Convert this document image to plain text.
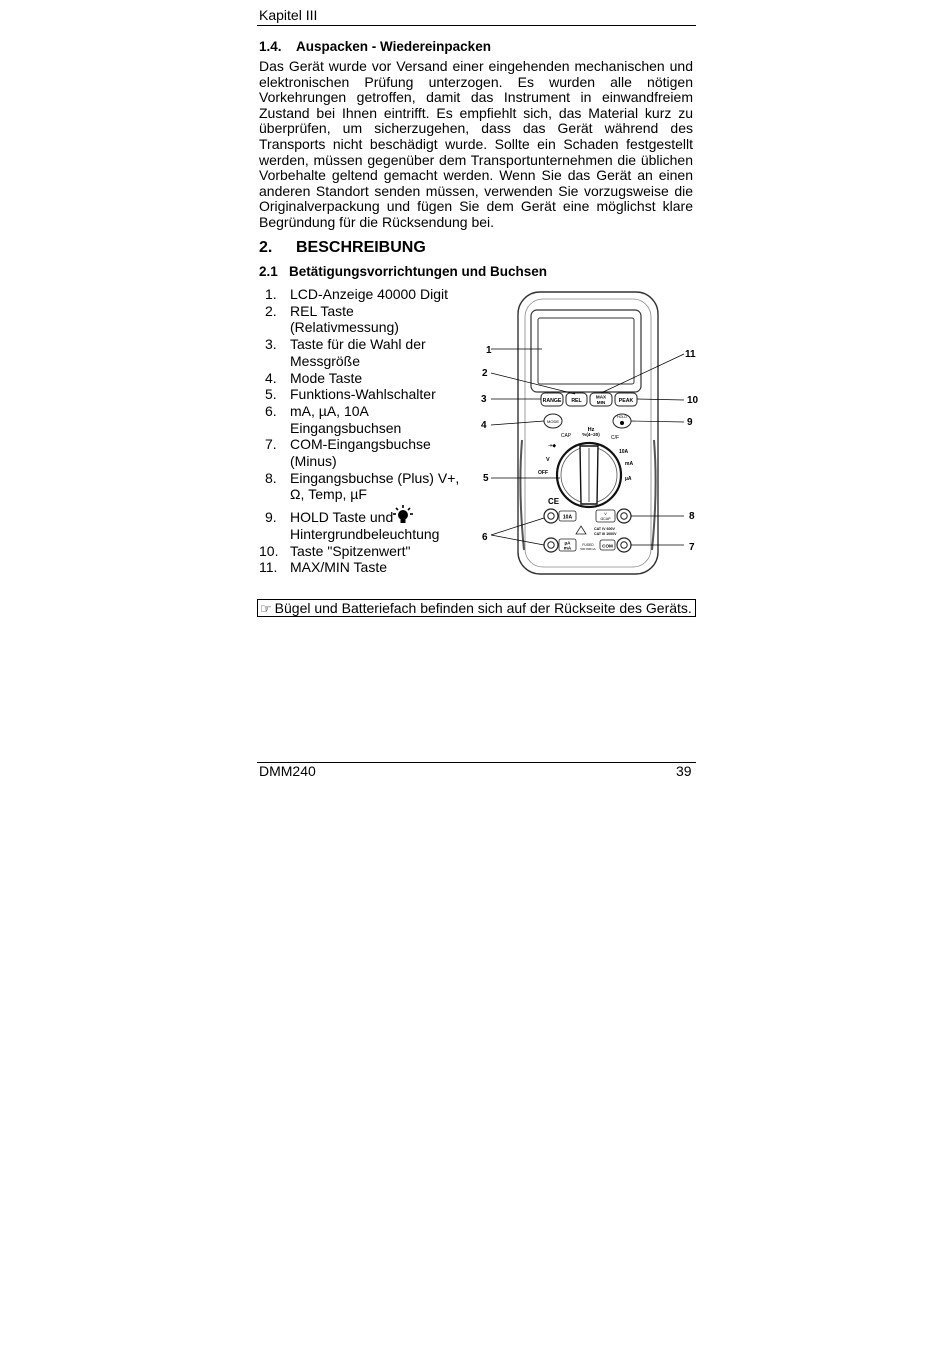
Kapitel III
1.4. Auspacken - Wiedereinpacken
Das Gerät wurde vor Versand einer eingehenden mechanischen und elektronischen Prüfung unterzogen. Es wurden alle nötigen Vorkehrungen getroffen, damit das Instrument in einwandfreiem Zustand bei Ihnen eintrifft. Es empfiehlt sich, das Material kurz zu überprüfen, um sicherzugehen, dass das Gerät während des Transports nicht beschädigt wurde. Sollte ein Schaden festgestellt werden, müssen gegenüber dem Transportunternehmen die üblichen Vorbehalte geltend gemacht werden. Wenn Sie das Gerät an einen anderen Standort senden müssen, verwenden Sie vorzugsweise die Originalverpackung und fügen Sie dem Gerät eine möglichst klare Begründung für die Rücksendung bei.
2. BESCHREIBUNG
2.1 Betätigungsvorrichtungen und Buchsen
1. LCD-Anzeige 40000 Digit
2. REL Taste (Relativmessung)
3. Taste für die Wahl der Messgröße
4. Mode Taste
5. Funktions-Wahlschalter
6. mA, µA, 10A Eingangsbuchsen
7. COM-Eingangsbuchse (Minus)
8. Eingangsbuchse (Plus) V+, Ω, Temp, µF
9. HOLD Taste und Hintergrundbeleuchtung
10. Taste "Spitzenwert"
11. MAX/MIN Taste
RANGE REL
MAX
MIN	PEAK
MODE
HOLD
CAP
Hz
%(4~20)
C/F
⇥◆
V
OFF
10A
mA
µA
CE
10A
V
ΩCAP
CAT IV 600V
CAT III 1000V
µA
mA
FUSED
500 800mA
COM
1
2
3
4
5
6
11
10
9
8
7
☞ Bügel und Batteriefach befinden sich auf der Rückseite des Geräts.
DMM240	39
